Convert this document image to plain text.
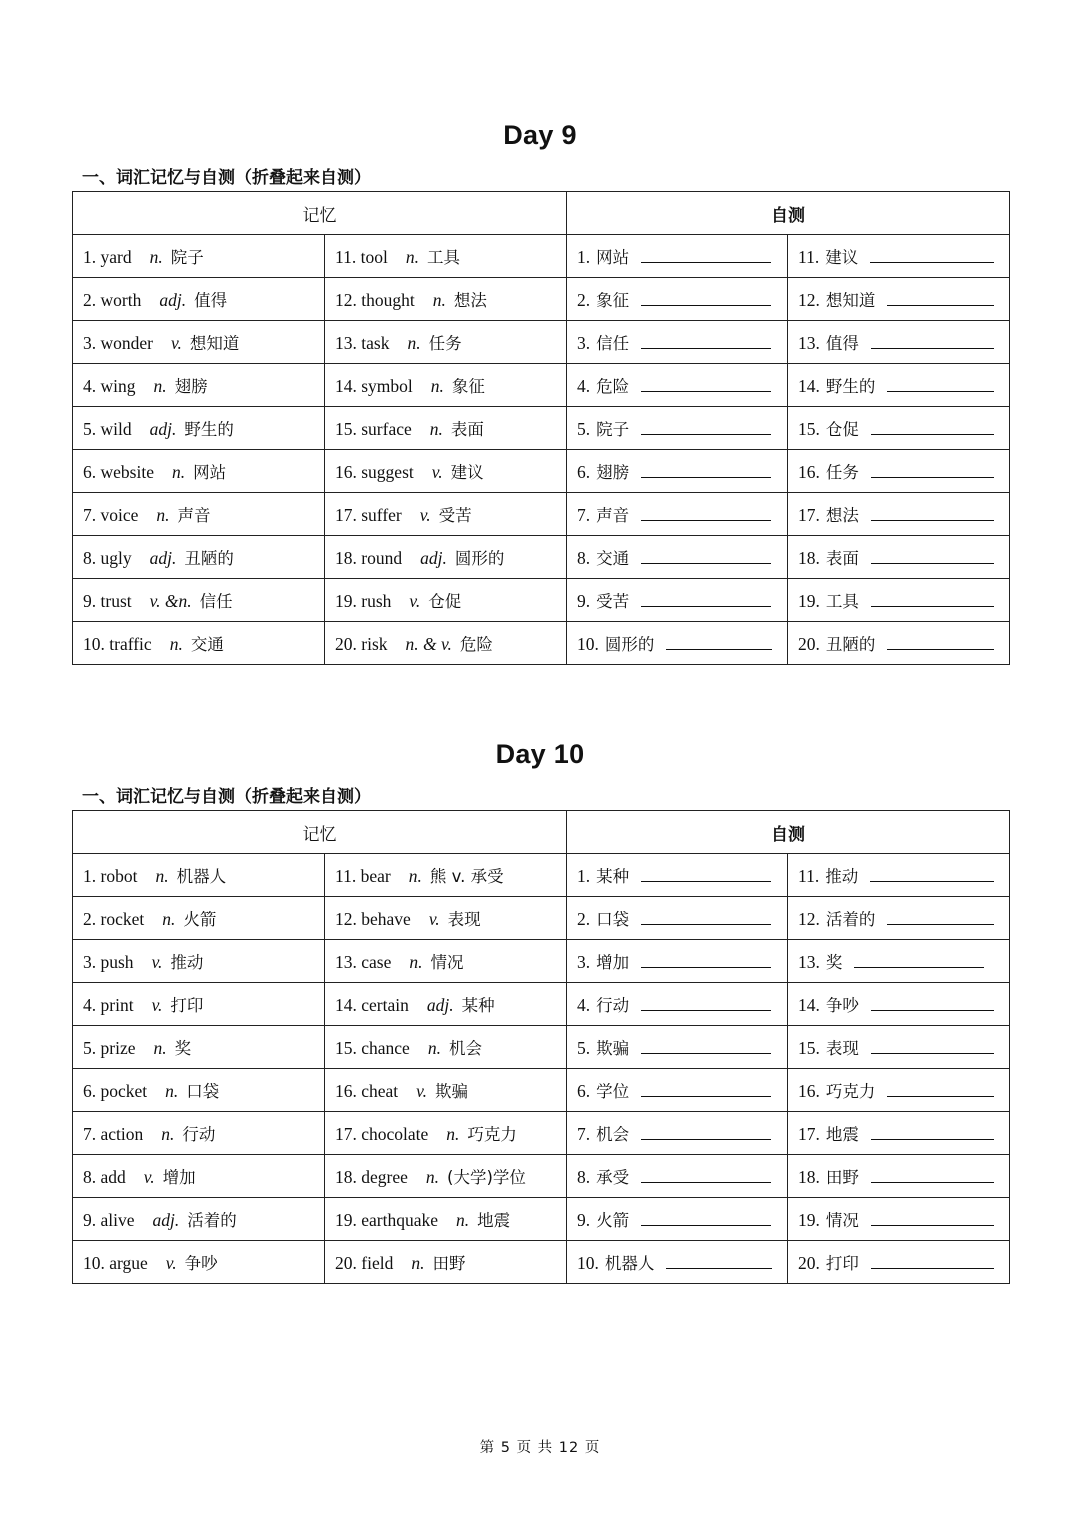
Day 9
一、词汇记忆与自测（折叠起来自测）
记忆		自测	
1. yard n. 院子	11. tool n. 工具	1. 网站	11. 建议
2. worth adj. 值得	12. thought n. 想法	2. 象征	12. 想知道
3. wonder v. 想知道	13. task n. 任务	3. 信任	13. 值得
4. wing n. 翅膀	14. symbol n. 象征	4. 危险	14. 野生的
5. wild adj. 野生的	15. surface n. 表面	5. 院子	15. 仓促
6. website n. 网站	16. suggest v. 建议	6. 翅膀	16. 任务
7. voice n. 声音	17. suffer v. 受苦	7. 声音	17. 想法
8. ugly adj. 丑陋的	18. round adj. 圆形的	8. 交通	18. 表面
9. trust v. &n. 信任	19. rush v. 仓促	9. 受苦	19. 工具
10. traffic n. 交通	20. risk n. & v. 危险	10. 圆形的	20. 丑陋的
Day 10
一、词汇记忆与自测（折叠起来自测）
记忆		自测	
1. robot n. 机器人	11. bear n. 熊 v. 承受	1. 某种	11. 推动
2. rocket n. 火箭	12. behave v. 表现	2. 口袋	12. 活着的
3. push v. 推动	13. case n. 情况	3. 增加	13. 奖
4. print v. 打印	14. certain adj. 某种	4. 行动	14. 争吵
5. prize n. 奖	15. chance n. 机会	5. 欺骗	15. 表现
6. pocket n. 口袋	16. cheat v. 欺骗	6. 学位	16. 巧克力
7. action n. 行动	17. chocolate n. 巧克力	7. 机会	17. 地震
8. add v. 增加	18. degree n. (大学)学位	8. 承受	18. 田野
9. alive adj. 活着的	19. earthquake n. 地震	9. 火箭	19. 情况
10. argue v. 争吵	20. field n. 田野	10. 机器人	20. 打印
第 5 页 共 12 页
